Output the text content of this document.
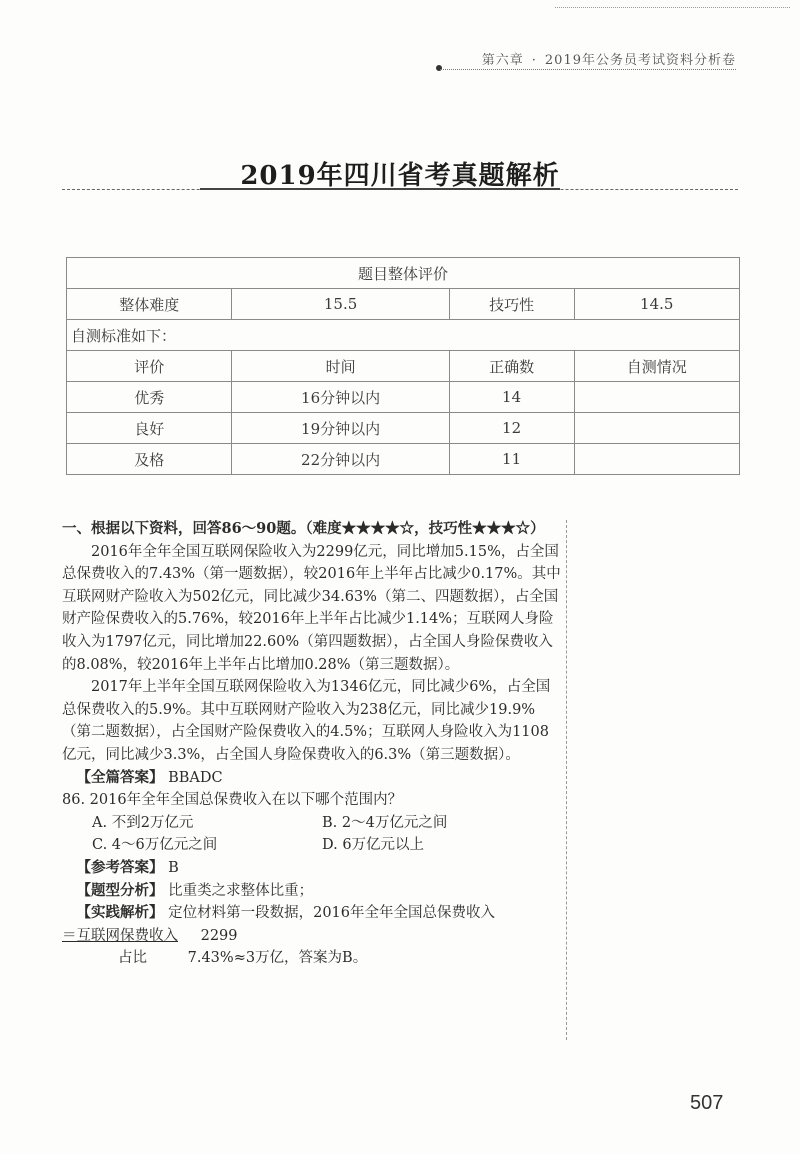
第六章 · 2019年公务员考试资料分析卷
2019年四川省考真题解析
题目整体评价			
整体难度	15.5	技巧性	14.5
自测标准如下：			
评价	时间	正确数	自测情况
优秀	16分钟以内	14	
良好	19分钟以内	12	
及格	22分钟以内	11	

一、根据以下资料，回答86～90题。（难度★★★★☆，技巧性★★★☆）

2016年全年全国互联网保险收入为2299亿元，同比增加5.15%，占全国总保费收入的7.43%（第一题数据），较2016年上半年占比减少0.17%。其中互联网财产险收入为502亿元，同比减少34.63%（第二、四题数据），占全国财产险保费收入的5.76%，较2016年上半年占比减少1.14%；互联网人身险收入为1797亿元，同比增加22.60%（第四题数据），占全国人身险保费收入的8.08%，较2016年上半年占比增加0.28%（第三题数据）。

2017年上半年全国互联网保险收入为1346亿元，同比减少6%，占全国总保费收入的5.9%。其中互联网财产险收入为238亿元，同比减少19.9%（第二题数据），占全国财产险保费收入的4.5%；互联网人身险收入为1108亿元，同比减少3.3%，占全国人身险保费收入的6.3%（第三题数据）。

【全篇答案】 BBADC

86. 2016年全年全国总保费收入在以下哪个范围内？

A. 不到2万亿元	B. 2～4万亿元之间
C. 4～6万亿元之间	D. 6万亿元以上

【参考答案】 B

【题型分析】 比重类之求整体比重；

【实践解析】 定位材料第一段数据，2016年全年全国总保费收入

＝互联网保费收入 2299

占比	7.43%≈3万亿，答案为B。

507
